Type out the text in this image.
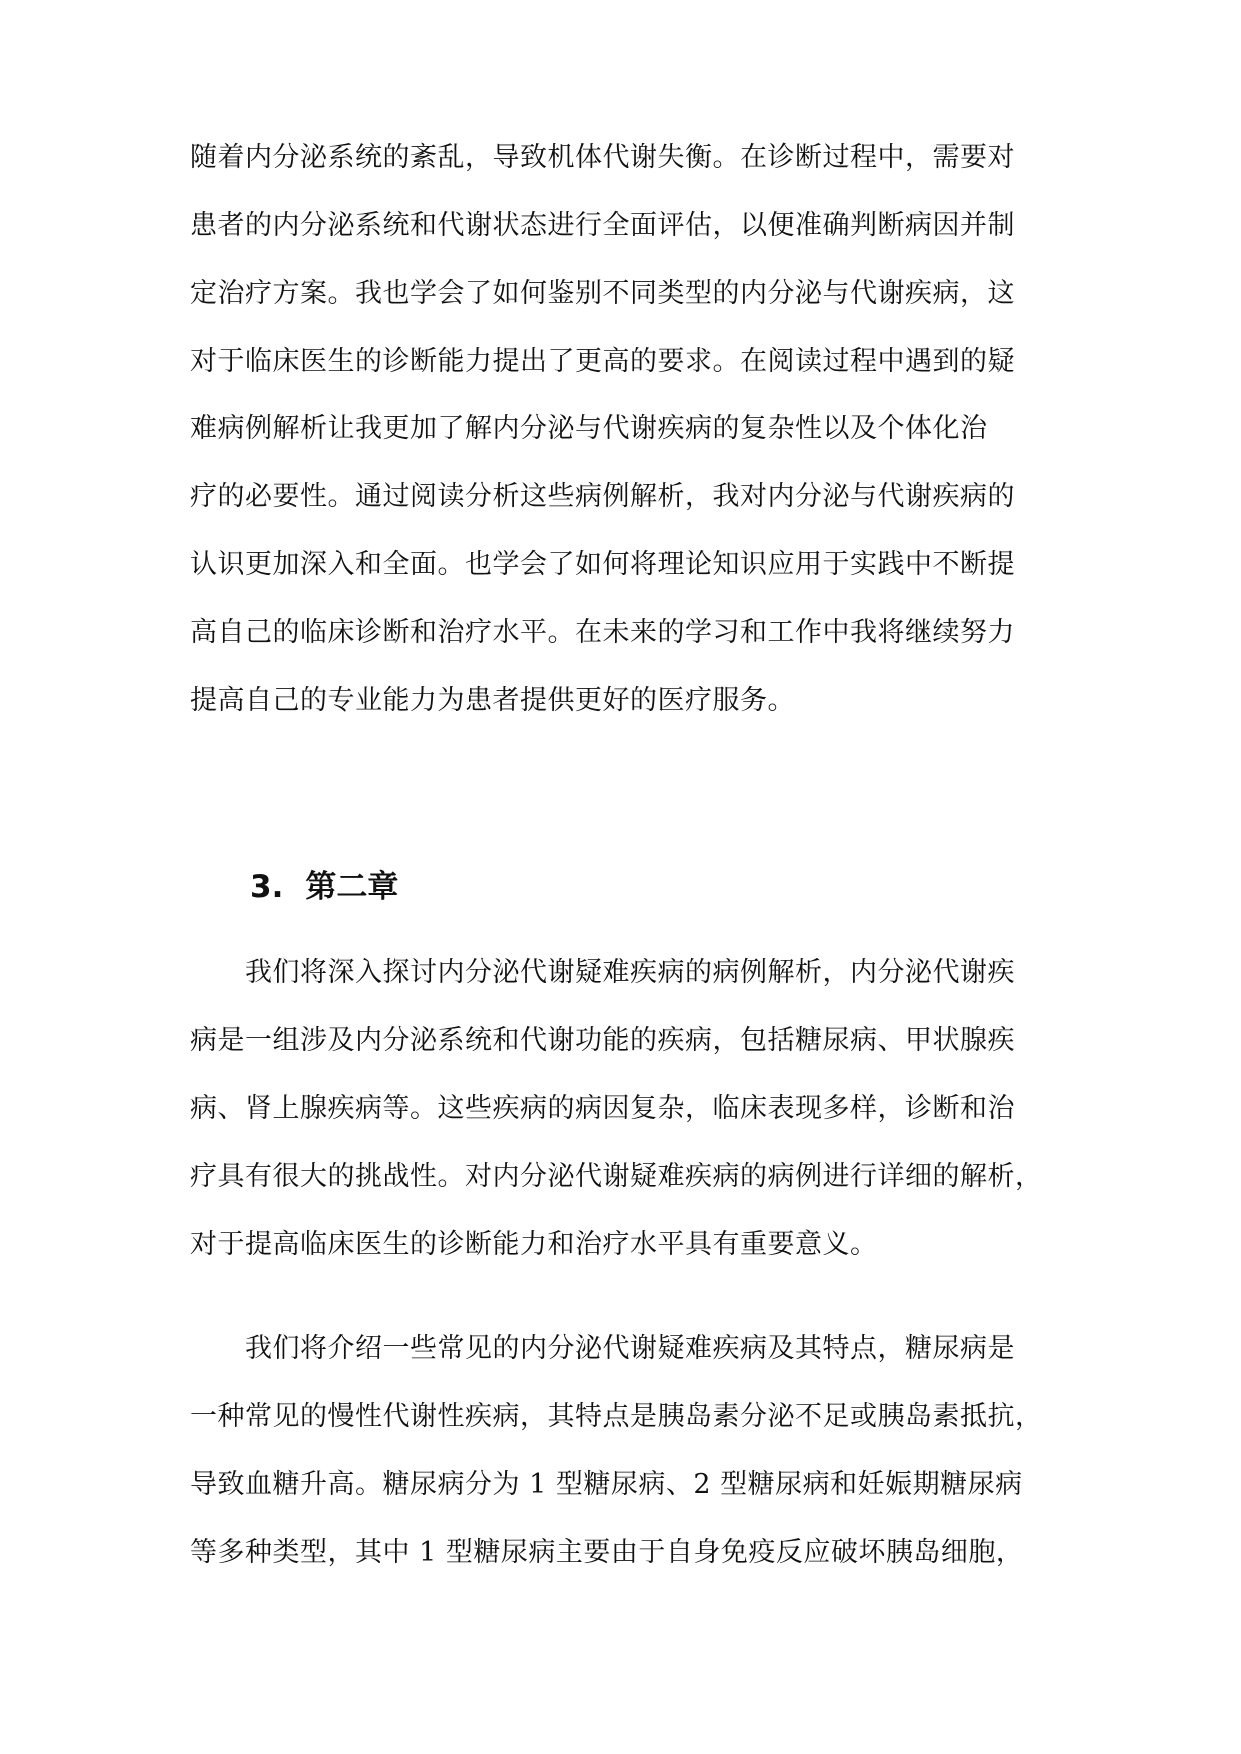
随着内分泌系统的紊乱，导致机体代谢失衡。在诊断过程中，需要对
患者的内分泌系统和代谢状态进行全面评估，以便准确判断病因并制
定治疗方案。我也学会了如何鉴别不同类型的内分泌与代谢疾病，这
对于临床医生的诊断能力提出了更高的要求。在阅读过程中遇到的疑
难病例解析让我更加了解内分泌与代谢疾病的复杂性以及个体化治
疗的必要性。通过阅读分析这些病例解析，我对内分泌与代谢疾病的
认识更加深入和全面。也学会了如何将理论知识应用于实践中不断提
高自己的临床诊断和治疗水平。在未来的学习和工作中我将继续努力
提高自己的专业能力为患者提供更好的医疗服务。
3. 第二章
我们将深入探讨内分泌代谢疑难疾病的病例解析，内分泌代谢疾
病是一组涉及内分泌系统和代谢功能的疾病，包括糖尿病、甲状腺疾
病、肾上腺疾病等。这些疾病的病因复杂，临床表现多样，诊断和治
疗具有很大的挑战性。对内分泌代谢疑难疾病的病例进行详细的解析，
对于提高临床医生的诊断能力和治疗水平具有重要意义。
我们将介绍一些常见的内分泌代谢疑难疾病及其特点，糖尿病是
一种常见的慢性代谢性疾病，其特点是胰岛素分泌不足或胰岛素抵抗，
导致血糖升高。糖尿病分为 1 型糖尿病、2 型糖尿病和妊娠期糖尿病
等多种类型，其中 1 型糖尿病主要由于自身免疫反应破坏胰岛细胞，
